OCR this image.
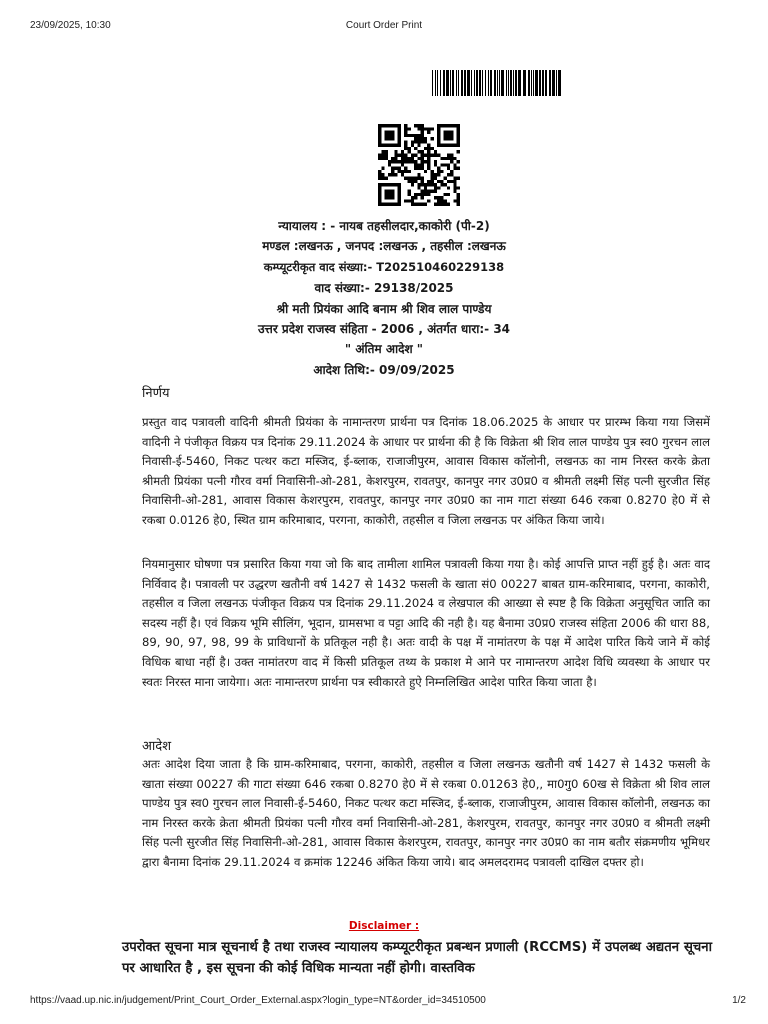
23/09/2025, 10:30	Court Order Print
न्यायालय : - नायब तहसीलदार,काकोरी (पी-2)
मण्डल :लखनऊ , जनपद :लखनऊ , तहसील :लखनऊ
कम्प्यूटरीकृत वाद संख्या:- T202510460229138
वाद संख्या:- 29138/2025
श्री मती प्रियंका आदि बनाम श्री शिव लाल पाण्डेय
उत्तर प्रदेश राजस्व संहिता - 2006 , अंतर्गत धारा:- 34
" अंतिम आदेश "
आदेश तिथि:- 09/09/2025
निर्णय
प्रस्तुत वाद पत्रावली वादिनी श्रीमती प्रियंका के नामान्तरण प्रार्थना पत्र दिनांक 18.06.2025 के आधार पर प्रारम्भ किया गया जिसमें वादिनी ने पंजीकृत विक्रय पत्र दिनांक 29.11.2024 के आधार पर प्रार्थना की है कि विक्रेता श्री शिव लाल पाण्डेय पुत्र स्व0 गुरचन लाल निवासी-ई-5460, निकट पत्थर कटा मस्जिद, ई-ब्लाक, राजाजीपुरम, आवास विकास कॉलोनी, लखनऊ का नाम निरस्त करके क्रेता श्रीमती प्रियंका पत्नी गौरव वर्मा निवासिनी-ओ-281, केशरपुरम, रावतपुर, कानपुर नगर उ0प्र0 व श्रीमती लक्ष्मी सिंह पत्नी सुरजीत सिंह निवासिनी-ओ-281, आवास विकास केशरपुरम, रावतपुर, कानपुर नगर उ0प्र0 का नाम गाटा संख्या 646 रकबा 0.8270 हे0 में से रकबा 0.0126 हे0, स्थित ग्राम करिमाबाद, परगना, काकोरी, तहसील व जिला लखनऊ पर अंकित किया जाये।
नियमानुसार घोषणा पत्र प्रसारित किया गया जो कि बाद तामीला शामिल पत्रावली किया गया है। कोई आपत्ति प्राप्त नहीं हुई है। अतः वाद निर्विवाद है। पत्रावली पर उद्धरण खतौनी वर्ष 1427 से 1432 फसली के खाता सं0 00227 बाबत ग्राम-करिमाबाद, परगना, काकोरी, तहसील व जिला लखनऊ पंजीकृत विक्रय पत्र दिनांक 29.11.2024 व लेखपाल की आख्या से स्पष्ट है कि विक्रेता अनुसूचित जाति का सदस्य नहीं है। एवं विक्रय भूमि सीलिंग, भूदान, ग्रामसभा व पट्टा आदि की नही है। यह बैनामा उ0प्र0 राजस्व संहिता 2006 की धारा 88, 89, 90, 97, 98, 99 के प्राविधानों के प्रतिकूल नही है। अतः वादी के पक्ष में नामांतरण के पक्ष में आदेश पारित किये जाने में कोई विधिक बाधा नहीं है। उक्त नामांतरण वाद में किसी प्रतिकूल तथ्य के प्रकाश मे आने पर नामान्तरण आदेश विधि व्यवस्था के आधार पर स्वतः निरस्त माना जायेगा। अतः नामान्तरण प्रार्थना पत्र स्वीकारते हुऐ निम्नलिखित आदेश पारित किया जाता है।
आदेश
अतः आदेश दिया जाता है कि ग्राम-करिमाबाद, परगना, काकोरी, तहसील व जिला लखनऊ खतौनी वर्ष 1427 से 1432 फसली के खाता संख्या 00227 की गाटा संख्या 646 रकबा 0.8270 हे0 में से रकबा 0.01263 हे0,, मा0गु0 60ख से विक्रेता श्री शिव लाल पाण्डेय पुत्र स्व0 गुरचन लाल निवासी-ई-5460, निकट पत्थर कटा मस्जिद, ई-ब्लाक, राजाजीपुरम, आवास विकास कॉलोनी, लखनऊ का नाम निरस्त करके क्रेता श्रीमती प्रियंका पत्नी गौरव वर्मा निवासिनी-ओ-281, केशरपुरम, रावतपुर, कानपुर नगर उ0प्र0 व श्रीमती लक्ष्मी सिंह पत्नी सुरजीत सिंह निवासिनी-ओ-281, आवास विकास केशरपुरम, रावतपुर, कानपुर नगर उ0प्र0 का नाम बतौर संक्रमणीय भूमिधर द्वारा बैनामा दिनांक 29.11.2024 व क्रमांक 12246 अंकित किया जाये। बाद अमलदरामद पत्रावली दाखिल दफ्तर हो।
Disclaimer :
उपरोक्त सूचना मात्र सूचनार्थ है तथा राजस्व न्यायालय कम्प्यूटरीकृत प्रबन्धन प्रणाली (RCCMS) में उपलब्ध अद्यतन सूचना पर आधारित है , इस सूचना की कोई विधिक मान्यता नहीं होगी। वास्तविक
https://vaad.up.nic.in/judgement/Print_Court_Order_External.aspx?login_type=NT&order_id=34510500	1/2
